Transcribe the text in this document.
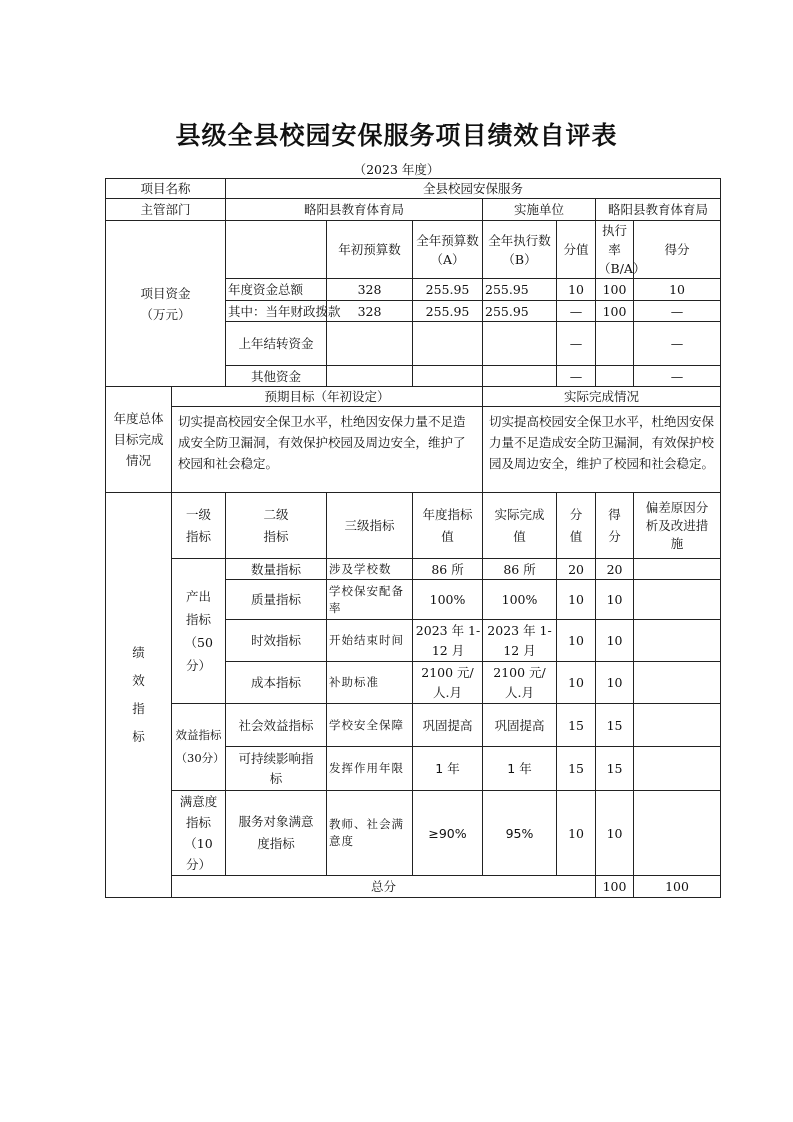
县级全县校园安保服务项目绩效自评表
（2023 年度）
项目名称		全县校园安保服务							
主管部门		略阳县教育体育局			实施单位		略阳县教育体育局		
项目资金（万元）			年初预算数	全年预算数（A）	全年执行数（B）	分值	执行率（B/A）	得分	
		年度资金总额	328	255.95	255.95	10	100	10	
		其中：当年财政拨款	328	255.95	255.95	—	100	—	
		上年结转资金				—		—	
		其他资金				—		—	
年度总体目标完成情况	预期目标（年初设定）				实际完成情况				
	切实提高校园安全保卫水平，杜绝因安保力量不足造成安全防卫漏洞，有效保护校园及周边安全，维护了校园和社会稳定。				切实提高校园安全保卫水平，杜绝因安保力量不足造成安全防卫漏洞，有效保护校园及周边安全，维护了校园和社会稳定。				
绩效指标	一级指标	二级指标	三级指标	年度指标值	实际完成值	分值	得分	偏差原因分析及改进措施	
	产出指标（50分）	数量指标	涉及学校数	86 所	86 所	20	20		
		质量指标	学校保安配备率	100%	100%	10	10		
		时效指标	开始结束时间	2023 年 1-12 月	2023 年 1-12 月	10	10		
		成本指标	补助标准	2100 元/人.月	2100 元/人.月	10	10		
	效益指标（30分）	社会效益指标	学校安全保障	巩固提高	巩固提高	15	15		
		可持续影响指标	发挥作用年限	1 年	1 年	15	15		
	满意度指标（10分）	服务对象满意度指标	教师、社会满意度	≥90%	95%	10	10		
	总分						100	100	
